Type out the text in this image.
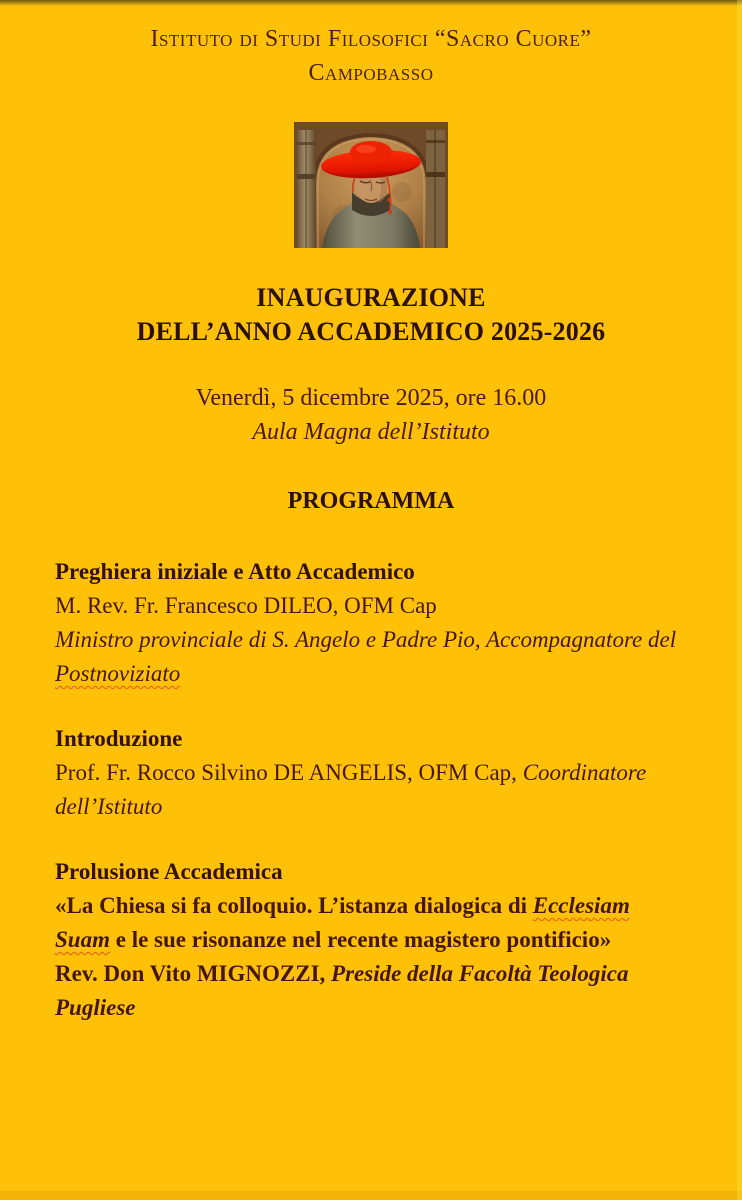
Istituto di Studi Filosofici “Sacro Cuore”
Campobasso
INAUGURAZIONE
DELL’ANNO ACCADEMICO 2025-2026
Venerdì, 5 dicembre 2025, ore 16.00
Aula Magna dell’Istituto
PROGRAMMA
Preghiera iniziale e Atto Accademico
M. Rev. Fr. Francesco DILEO, OFM Cap
Ministro provinciale di S. Angelo e Padre Pio, Accompagnatore del Postnoviziato
Introduzione
Prof. Fr. Rocco Silvino DE ANGELIS, OFM Cap, Coordinatore dell’Istituto
Prolusione Accademica
«La Chiesa si fa colloquio. L’istanza dialogica di Ecclesiam Suam e le sue risonanze nel recente magistero pontificio»
Rev. Don Vito MIGNOZZI, Preside della Facoltà Teologica Pugliese
